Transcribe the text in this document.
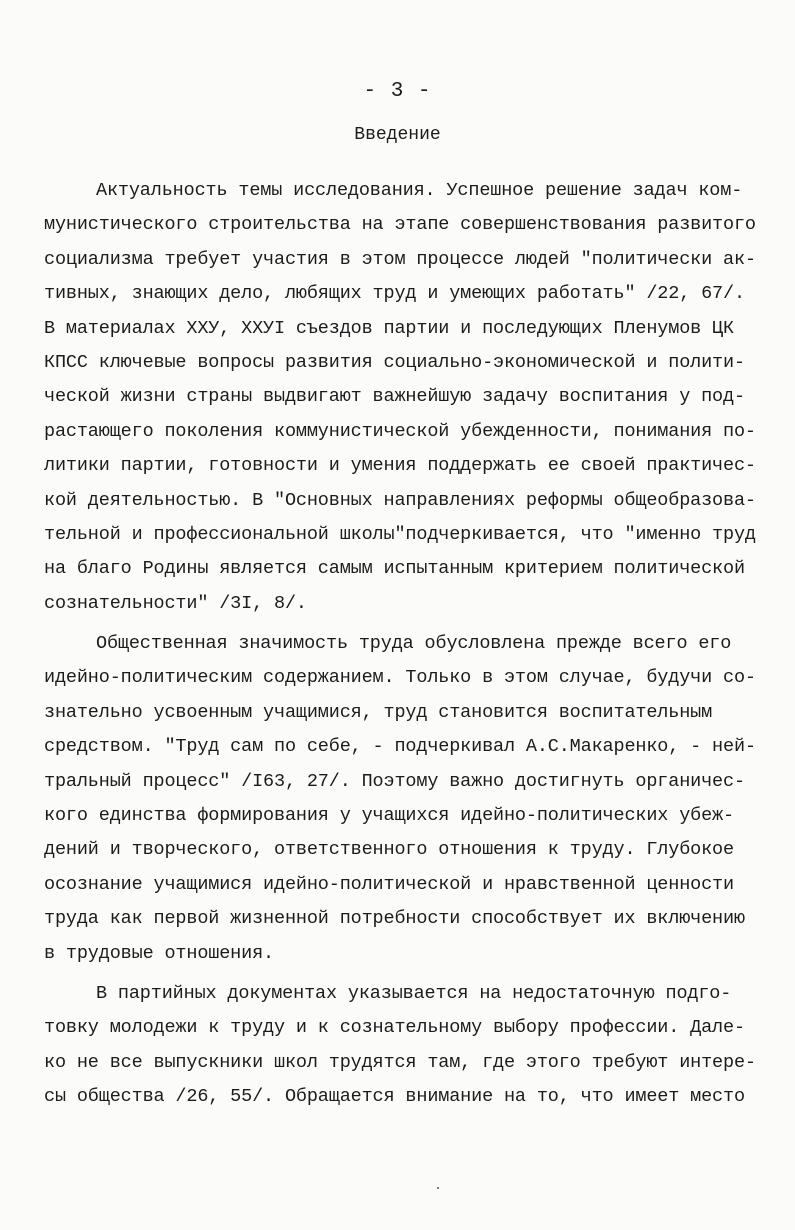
- 3 -
Введение
Актуальность темы исследования. Успешное решение задач ком-
мунистического строительства на этапе совершенствования развитого
социализма требует участия в этом процессе людей "политически ак-
тивных, знающих дело, любящих труд и умеющих работать" /22, 67/.
В материалах ХХУ, ХХУI съездов партии и последующих Пленумов ЦК
КПСС ключевые вопросы развития социально-экономической и полити-
ческой жизни страны выдвигают важнейшую задачу воспитания у под-
растающего поколения коммунистической убежденности, понимания по-
литики партии, готовности и умения поддержать ее своей практичес-
кой деятельностью. В "Основных направлениях реформы общеобразова-
тельной и профессиональной школы"подчеркивается, что "именно труд
на благо Родины является самым испытанным критерием политической
сознательности" /3I, 8/.
Общественная значимость труда обусловлена прежде всего его
идейно-политическим содержанием. Только в этом случае, будучи со-
знательно усвоенным учащимися, труд становится воспитательным
средством. "Труд сам по себе, - подчеркивал А.С.Макаренко, - ней-
тральный процесс" /I63, 27/. Поэтому важно достигнуть органичес-
кого единства формирования у учащихся идейно-политических убеж-
дений и творческого, ответственного отношения к труду. Глубокое
осознание учащимися идейно-политической и нравственной ценности
труда как первой жизненной потребности способствует их включению
в трудовые отношения.
В партийных документах указывается на недостаточную подго-
товку молодежи к труду и к сознательному выбору профессии. Дале-
ко не все выпускники школ трудятся там, где этого требуют интере-
сы общества /26, 55/. Обращается внимание на то, что имеет место
